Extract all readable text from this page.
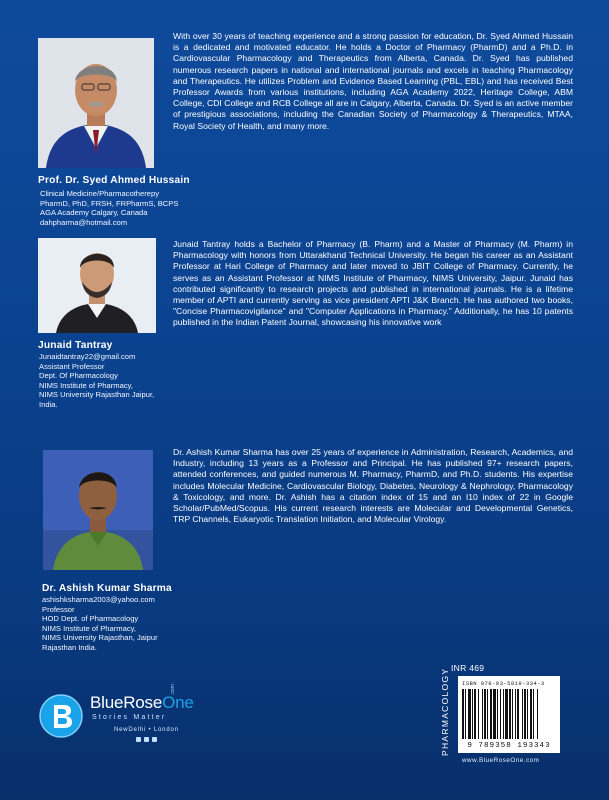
With over 30 years of teaching experience and a strong passion for education, Dr. Syed Ahmed Hussain is a dedicated and motivated educator. He holds a Doctor of Pharmacy (PharmD) and a Ph.D. in Cardiovascular Pharmacology and Therapeutics from Alberta, Canada. Dr. Syed has published numerous research papers in national and international journals and excels in teaching Pharmacology and Therapeutics. He utilizes Problem and Evidence Based Learning (PBL, EBL) and has received Best Professor Awards from various institutions, including AGA Academy 2022, Heritage College, ABM College, CDI College and RCB College all are in Calgary, Alberta, Canada. Dr. Syed is an active member of prestigious associations, including the Canadian Society of Pharmacology & Therapeutics, MTAA, Royal Society of Health, and many more.
Prof. Dr. Syed Ahmed Hussain
Clinical Medicine/Pharmacotherepy
PharmD, PhD, FRSH, FRPharmS, BCPS
AGA Academy Calgary, Canada
dahpharma@hotmail.com
Junaid Tantray holds a Bachelor of Pharmacy (B. Pharm) and a Master of Pharmacy (M. Pharm) in Pharmacology with honors from Uttarakhand Technical University. He began his career as an Assistant Professor at Hari College of Pharmacy and later moved to JBIT College of Pharmacy. Currently, he serves as an Assistant Professor at NIMS Institute of Pharmacy, NIMS University, Jaipur. Junaid has contributed significantly to research projects and published in international journals. He is a lifetime member of APTI and currently serving as vice president APTI J&K Branch. He has authored two books, "Concise Pharmacovigilance" and "Computer Applications in Pharmacy." Additionally, he has 10 patents published in the Indian Patent Journal, showcasing his innovative work
Junaid Tantray
Junaidtantray22@gmail.com
Assistant Professor
Dept. Of Pharmacology
NIMS Institute of Pharmacy,
NIMS University Rajasthan Jaipur,
India.
Dr. Ashish Kumar Sharma has over 25 years of experience in Administration, Research, Academics, and Industry, including 13 years as a Professor and Principal. He has published 97+ research papers, attended conferences, and guided numerous M. Pharmacy, PharmD, and Ph.D. students. His expertise includes Molecular Medicine, Cardiovascular Biology, Diabetes, Neurology & Nephrology, Pharmacology & Toxicology, and more. Dr. Ashish has a citation index of 15 and an I10 index of 22 in Google Scholar/PubMed/Scopus. His current research interests are Molecular and Developmental Genetics, TRP Channels, Eukaryotic Translation Initiation, and Molecular Virology.
Dr. Ashish Kumar Sharma
ashishksharma2003@yahoo.com
Professor
HOD Dept. of Pharmacology
NIMS Institute of Pharmacy,
NIMS University Rajasthan, Jaipur
Rajasthan India.
BlueRoseOne
.com
Stories Matter
NewDelhi • London
INR 469
PHARMACOLOGY ISBN 978-93-5819-334-3
9 789358 193343
www.BlueRoseOne.com
